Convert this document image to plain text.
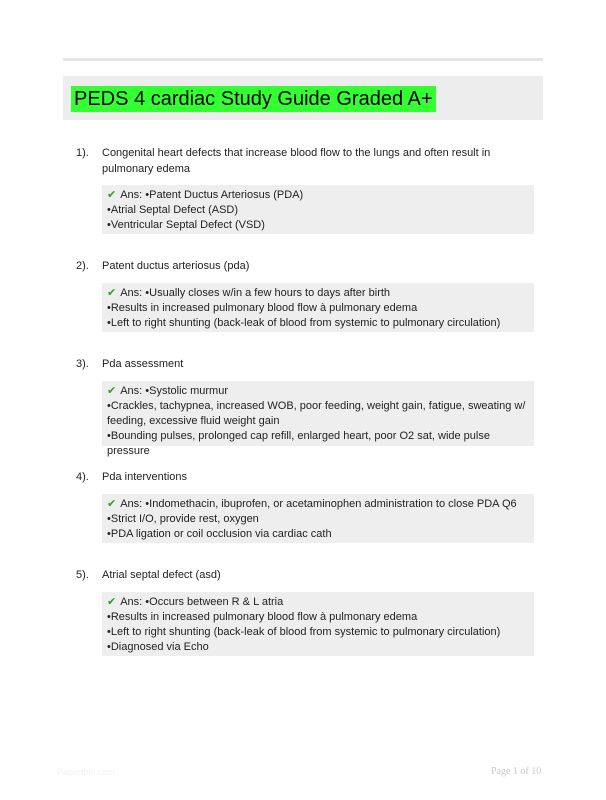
PEDS 4 cardiac Study Guide Graded A+
1). Congenital heart defects that increase blood flow to the lungs and often result in pulmonary edema
✔ Ans: •Patent Ductus Arteriosus (PDA)
•Atrial Septal Defect (ASD)
•Ventricular Septal Defect (VSD)
2). Patent ductus arteriosus (pda)
✔ Ans: •Usually closes w/in a few hours to days after birth
•Results in increased pulmonary blood flow à pulmonary edema
•Left to right shunting (back-leak of blood from systemic to pulmonary circulation)
3). Pda assessment
✔ Ans: •Systolic murmur
•Crackles, tachypnea, increased WOB, poor feeding, weight gain, fatigue, sweating w/ feeding, excessive fluid weight gain
•Bounding pulses, prolonged cap refill, enlarged heart, poor O2 sat, wide pulse pressure
4). Pda interventions
✔ Ans: •Indomethacin, ibuprofen, or acetaminophen administration to close PDA Q6
•Strict I/O, provide rest, oxygen
•PDA ligation or coil occlusion via cardiac cath
5). Atrial septal defect (asd)
✔ Ans: •Occurs between R & L atria
•Results in increased pulmonary blood flow à pulmonary edema
•Left to right shunting (back-leak of blood from systemic to pulmonary circulation)
•Diagnosed via Echo
Papertbic.com	Page 1 of 10
